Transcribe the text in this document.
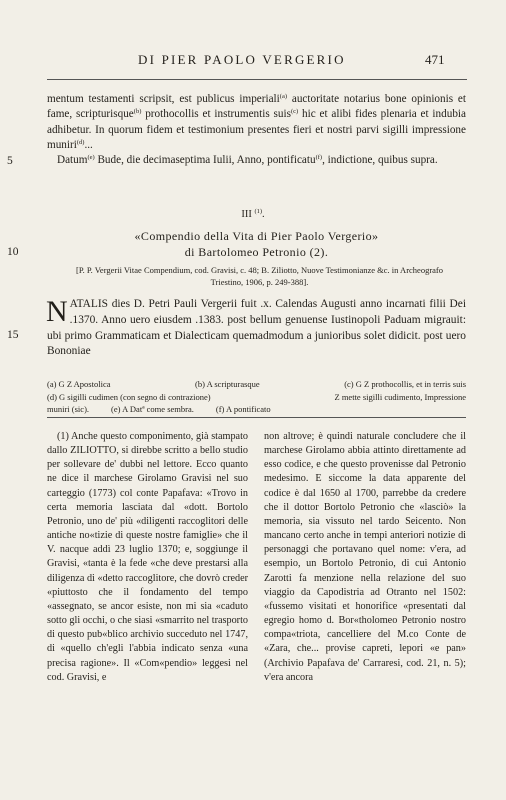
DI PIER PAOLO VERGERIO	471
5
10
15

mentum testamenti scripsit, est publicus imperiali$^{(a)}$ auctoritate notarius bone opinionis et fame, scripturisque$^{(b)}$ prothocollis et instrumentis suis$^{(c)}$ hic et alibi fides plenaria et indubia adhibetur. In quorum fidem et testimonium presentes fieri et nostri parvi sigilli impressione muniri$^{(d)}$...

Datum$^{(e)}$ Bude, die decimaseptima Iulii, Anno, pontificatu$^{(f)}$, indictione, quibus supra.

III $^{(1)}$.
«Compendio della Vita di Pier Paolo Vergerio»
di Bartolomeo Petronio (2).
[P. P. Vergerii Vitae Compendium, cod. Gravisi, c. 48; B. Ziliotto, Nuove Testimonianze &c. in Archeografo Triestino, 1906, p. 249-388].
NATALIS dies D. Petri Pauli Vergerii fuit .x. Calendas Augusti anno incarnati filii Dei .1370. Anno uero eiusdem .1383. post bellum genuense Iustinopoli Paduam migrauit: ubi primo Grammaticam et Dialecticam quemadmodum a junioribus solet didicit. post uero Bononiae
(a) G Z Apostolica	(b) A scripturasque	(c) G Z prothocollis, et in terris suis
(d) G sigilli cudimen (con segno di contrazione)	Z mette sigilli cudimento, Impressione
muniri (sic).	(e) A Datª come sembra.	(f) A pontificato

(1) Anche questo componimento, già stampato dallo ZILIOTTO, si direbbe scritto a bello studio per sollevare de' dubbi nel lettore. Ecco quanto ne dice il marchese Girolamo Gravisi nel suo carteggio (1773) col conte Papafava: «Trovo in certa memoria lasciata dal «dott. Bortolo Petronio, uno de' più «diligenti raccoglitori delle antiche no«tizie di queste nostre famiglie» che il V. nacque addì 23 luglio 1370; e, soggiunge il Gravisi, «tanta è la fede «che deve prestarsi alla diligenza di «detto raccoglitore, che dovrò creder «piuttosto che il fondamento del tempo «assegnato, se ancor esiste, non mi sia «caduto sotto gli occhi, o che siasi «smarrito nel trasporto di questo pub«blico archivio succeduto nel 1747, di «quello ch'egli l'abbia indicato senza «una precisa ragione». Il «Com«pendio» leggesi nel cod. Gravisi, e

non altrove; è quindi naturale concludere che il marchese Girolamo abbia attinto direttamente ad esso codice, e che questo provenisse dal Petronio medesimo. E siccome la data apparente del codice è dal 1650 al 1700, parrebbe da credere che il dottor Bortolo Petronio che «lasciò» la memoria, sia vissuto nel tardo Seicento. Non mancano certo anche in tempi anteriori notizie di personaggi che portavano quel nome: v'era, ad esempio, un Bortolo Petronio, di cui Antonio Zarotti fa menzione nella relazione del suo viaggio da Capodistria ad Otranto nel 1502: «fussemo visitati et honorifice «presentati dal egregio homo d. Bor«tholomeo Petronio nostro compa«triota, cancelliere del M.co Conte de «Zara, che... provise capreti, lepori «e pan» (Archivio Papafava de' Carraresi, cod. 21, n. 5); v'era ancora
